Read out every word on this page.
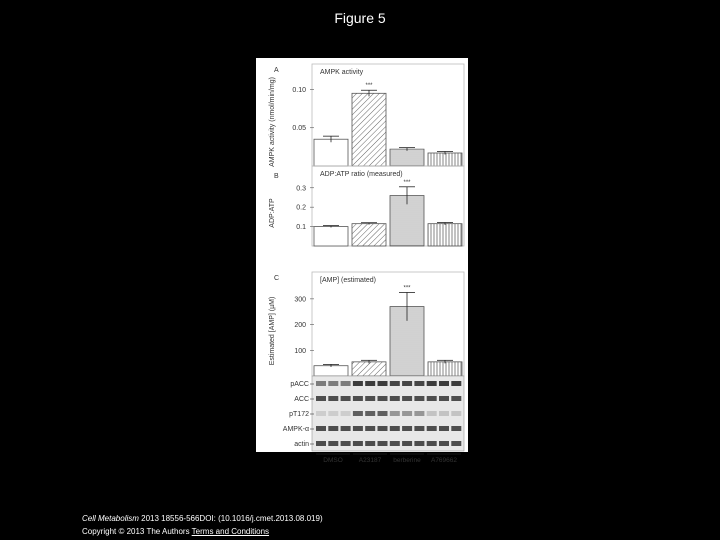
Figure 5
A	AMPK activity
AMPK activity (nmol/min/mg) 0.05
0.10
***
B	ADP:ATP ratio (measured)
ADP:ATP	0.1
0.2
0.3
***
C	[AMP] (estimated)
Estimated [AMP] (µM)	100
200
300
***
pACC
ACC
pT172
AMPK-α
actin
DMSO A23187 berberine A769662
Cell Metabolism 2013 18556-566DOI: (10.1016/j.cmet.2013.08.019)
Copyright © 2013 The Authors Terms and Conditions
